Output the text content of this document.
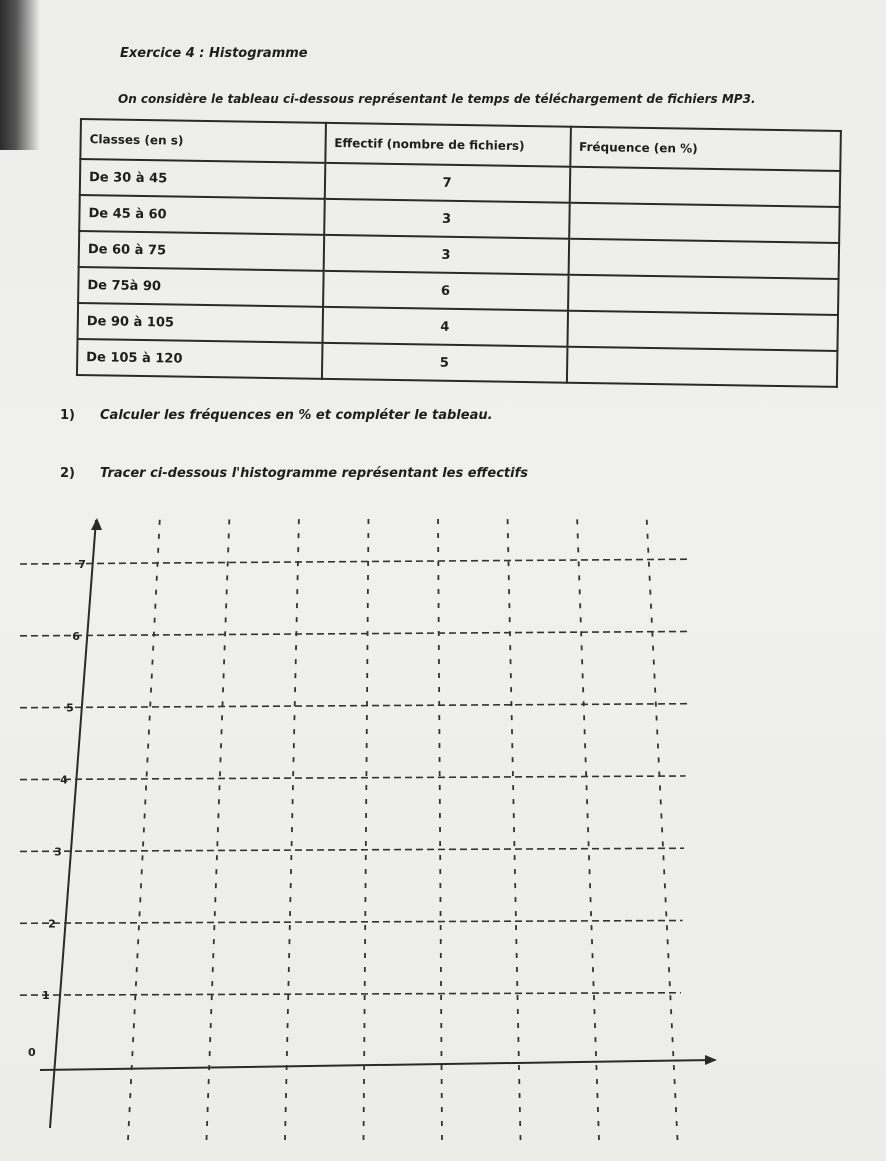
Exercice 4 : Histogramme
On considère le tableau ci-dessous représentant le temps de téléchargement de fichiers MP3.
Classes (en s)	Effectif (nombre de fichiers)	Fréquence (en %)
De 30 à 45	7	
De 45 à 60	3	
De 60 à 75	3	
De 75à 90	6	
De 90 à 105	4	
De 105 à 120	5	
1) Calculer les fréquences en % et compléter le tableau.
2) Tracer ci-dessous l'histogramme représentant les effectifs
1
2
3
4
5
6
7
0
